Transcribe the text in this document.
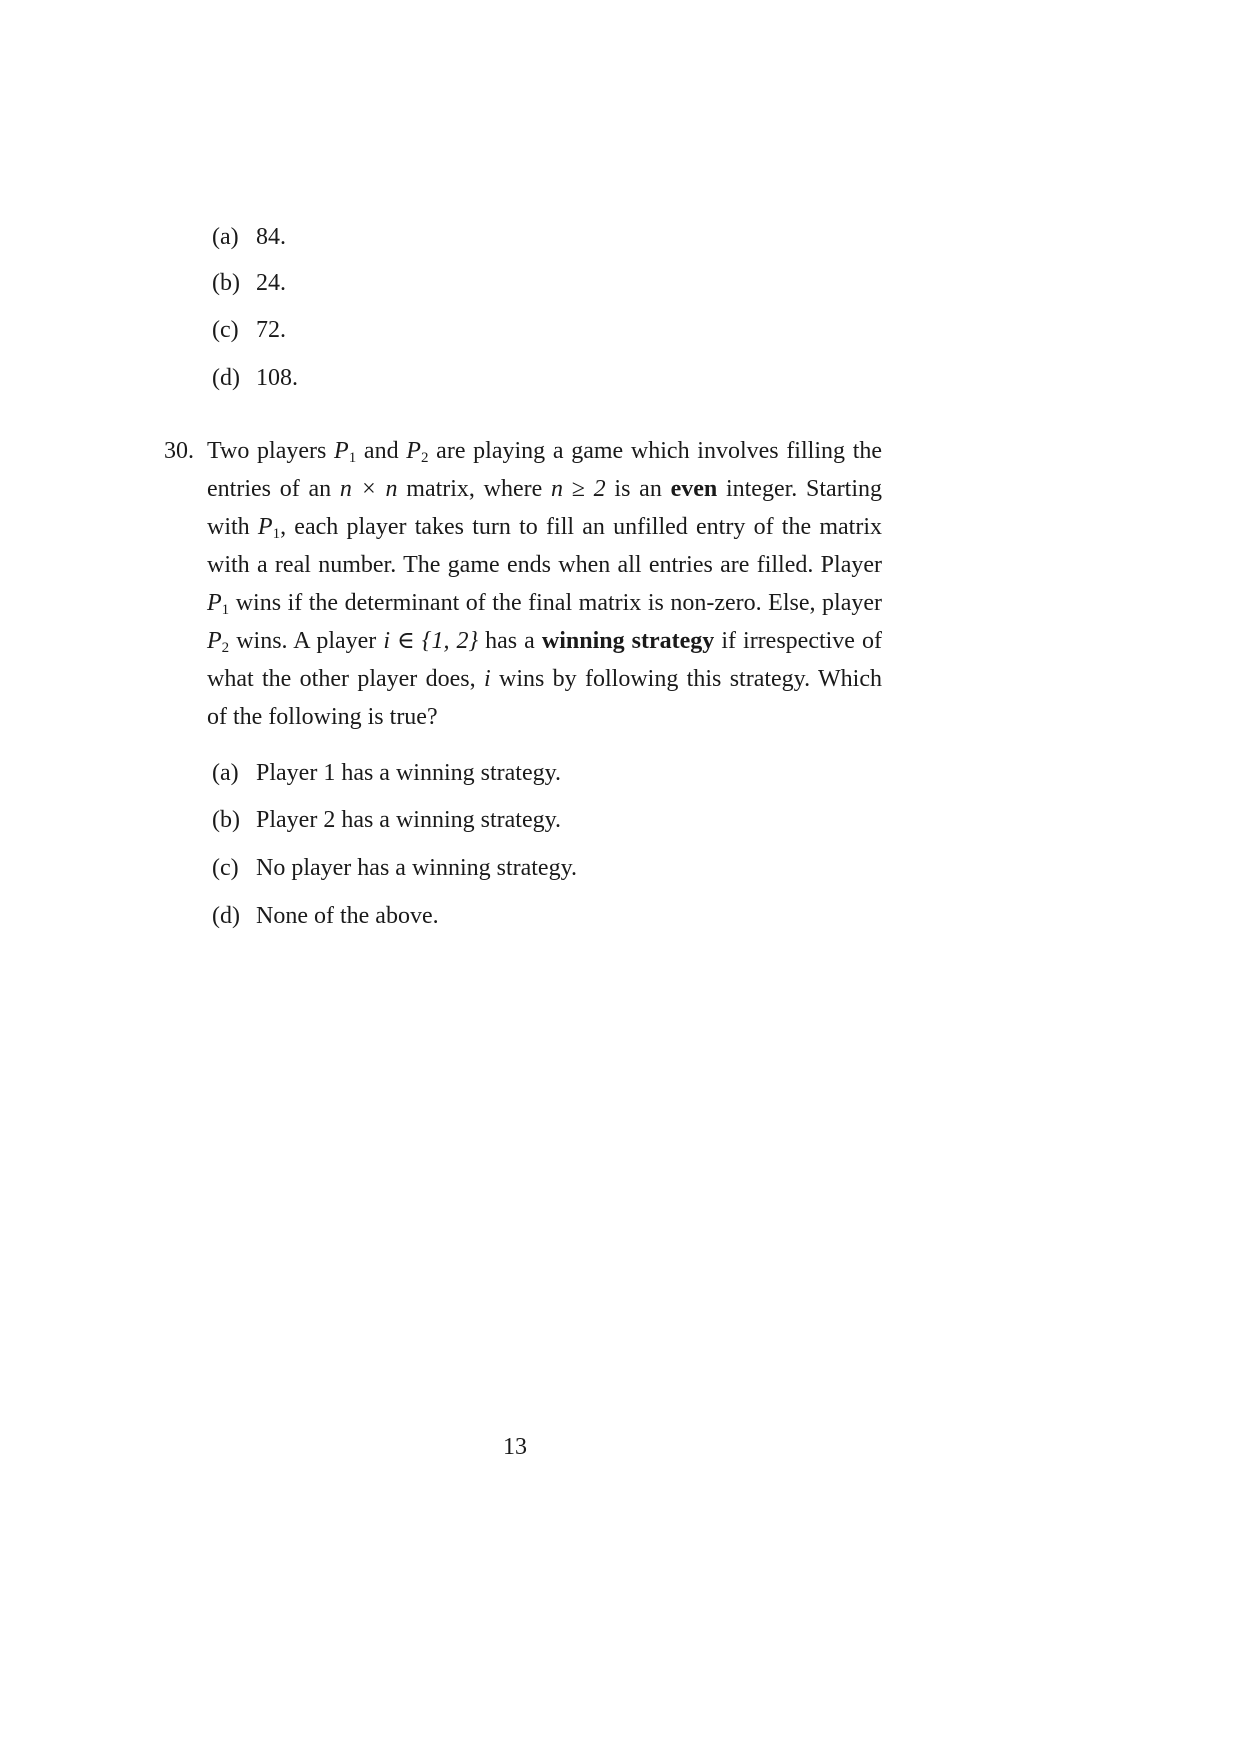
(a) 84.
(b) 24.
(c) 72.
(d) 108.
30. Two players $P_1$ and $P_2$ are playing a game which involves filling the entries of an n × n matrix, where n ≥ 2 is an even integer. Starting with $P_1$, each player takes turn to fill an unfilled entry of the matrix with a real number. The game ends when all entries are filled. Player $P_1$ wins if the determinant of the final matrix is non-zero. Else, player $P_2$ wins. A player i ∈ {1, 2} has a winning strategy if irrespective of what the other player does, i wins by following this strategy. Which of the following is true?
(a) Player 1 has a winning strategy.
(b) Player 2 has a winning strategy.
(c) No player has a winning strategy.
(d) None of the above.
13
